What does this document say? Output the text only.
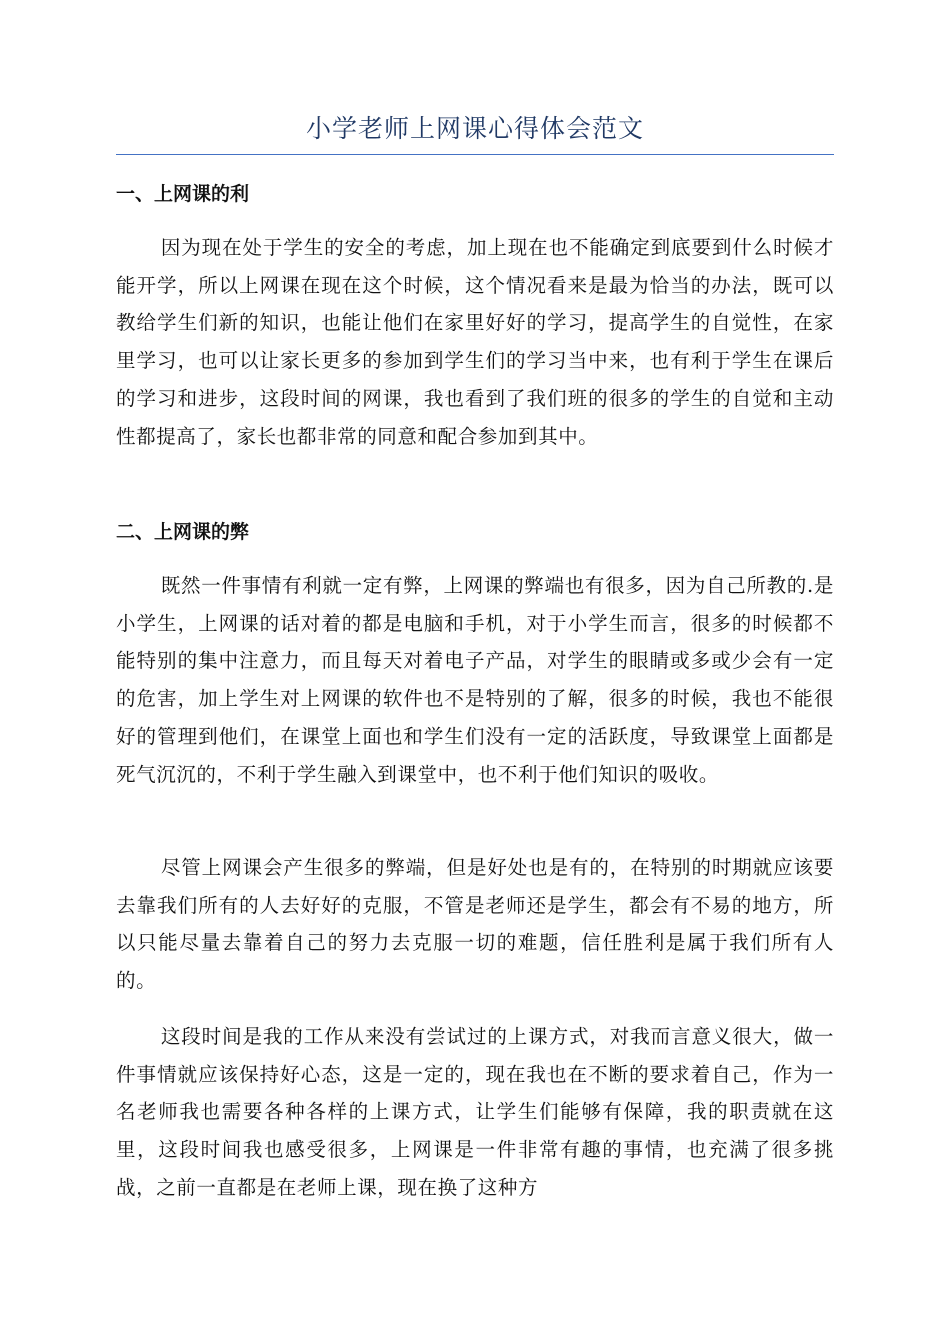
小学老师上网课心得体会范文
一、上网课的利

因为现在处于学生的安全的考虑，加上现在也不能确定到底要到什么时候才能开学，所以上网课在现在这个时候，这个情况看来是最为恰当的办法，既可以教给学生们新的知识，也能让他们在家里好好的学习，提高学生的自觉性，在家里学习，也可以让家长更多的参加到学生们的学习当中来，也有利于学生在课后的学习和进步，这段时间的网课，我也看到了我们班的很多的学生的自觉和主动性都提高了，家长也都非常的同意和配合参加到其中。

二、上网课的弊

既然一件事情有利就一定有弊，上网课的弊端也有很多，因为自己所教的.是小学生，上网课的话对着的都是电脑和手机，对于小学生而言，很多的时候都不能特别的集中注意力，而且每天对着电子产品，对学生的眼睛或多或少会有一定的危害，加上学生对上网课的软件也不是特别的了解，很多的时候，我也不能很好的管理到他们，在课堂上面也和学生们没有一定的活跃度，导致课堂上面都是死气沉沉的，不利于学生融入到课堂中，也不利于他们知识的吸收。

尽管上网课会产生很多的弊端，但是好处也是有的，在特别的时期就应该要去靠我们所有的人去好好的克服，不管是老师还是学生，都会有不易的地方，所以只能尽量去靠着自己的努力去克服一切的难题，信任胜利是属于我们所有人的。

这段时间是我的工作从来没有尝试过的上课方式，对我而言意义很大，做一件事情就应该保持好心态，这是一定的，现在我也在不断的要求着自己，作为一名老师我也需要各种各样的上课方式，让学生们能够有保障，我的职责就在这里，这段时间我也感受很多，上网课是一件非常有趣的事情，也充满了很多挑战，之前一直都是在老师上课，现在换了这种方
